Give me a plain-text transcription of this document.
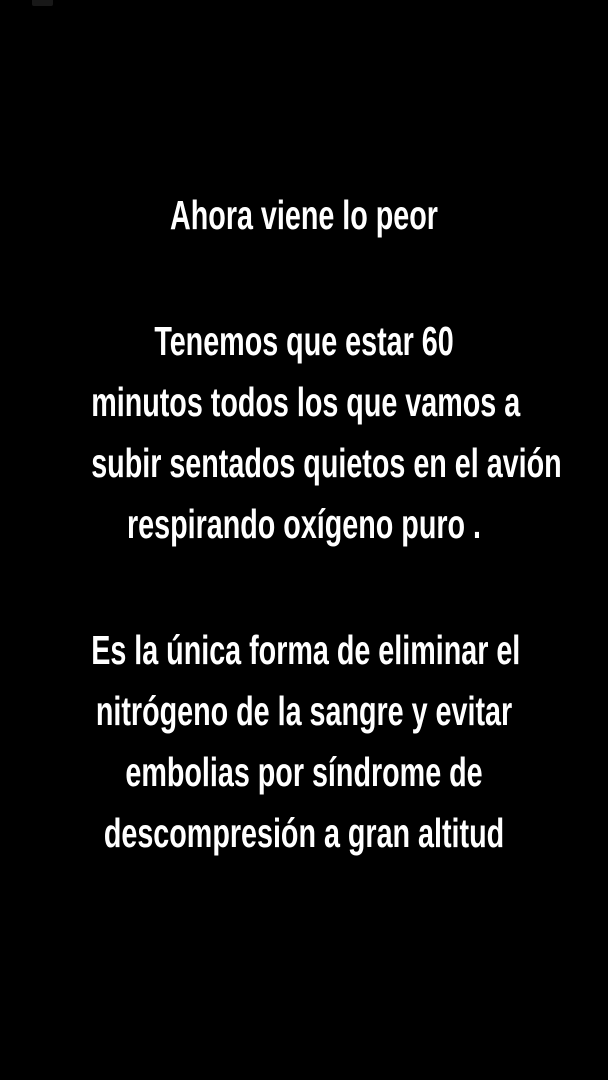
Ahora viene lo peor
Tenemos que estar 60
minutos todos los que vamos a
subir sentados quietos en el avión
respirando oxígeno puro .
Es la única forma de eliminar el
nitrógeno de la sangre y evitar
embolias por síndrome de
descompresión a gran altitud
